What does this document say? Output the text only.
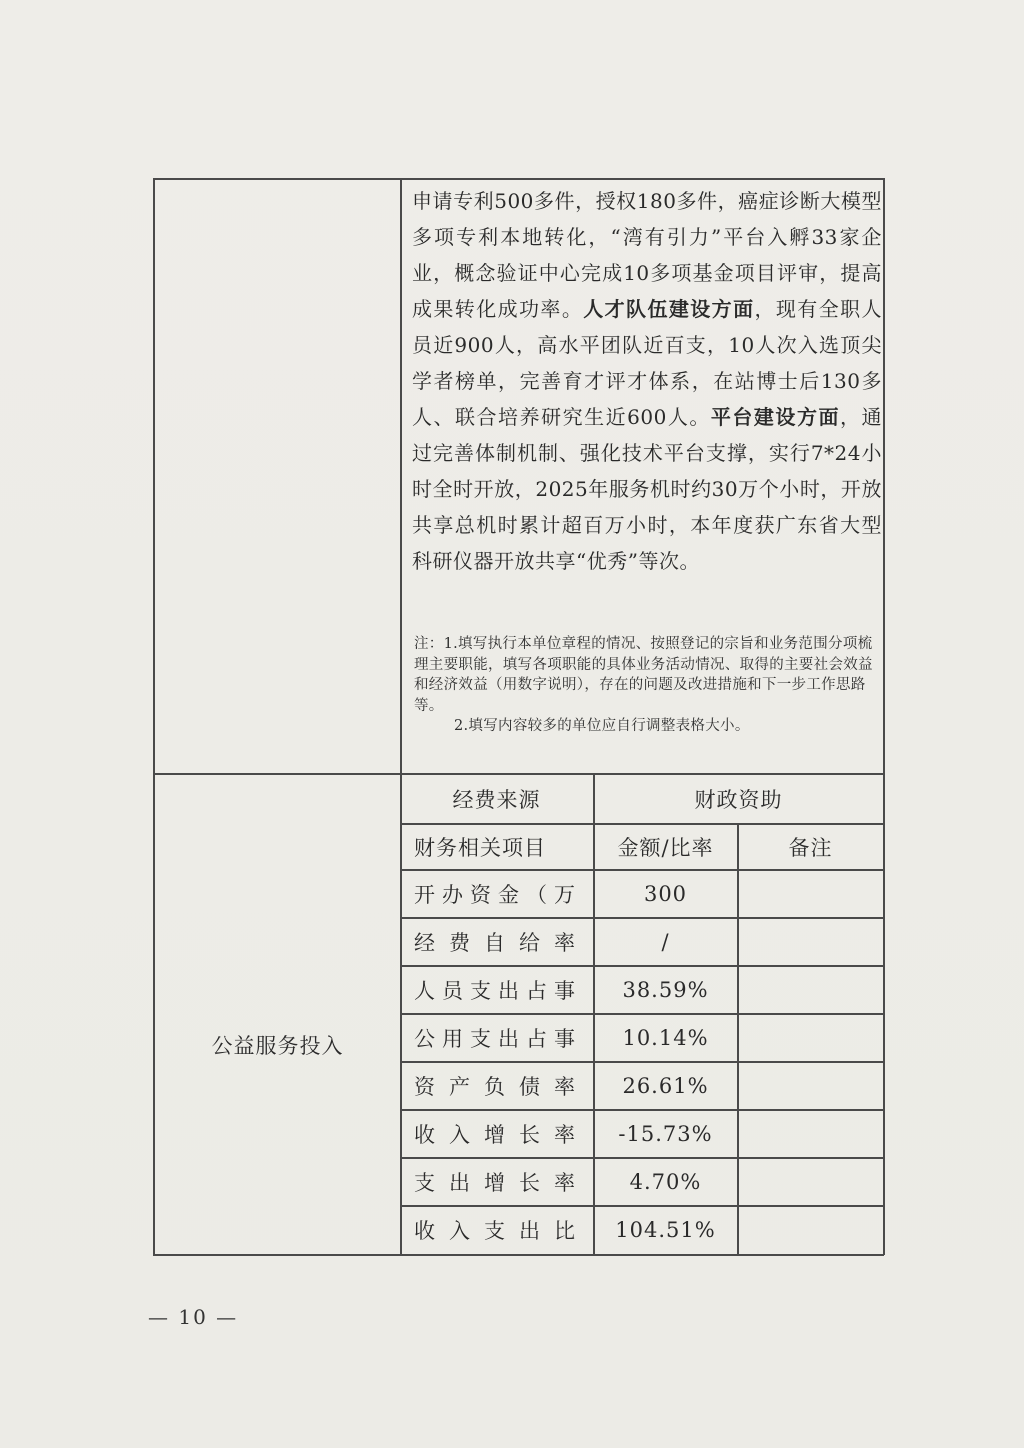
申请专利500多件，授权180多件，癌症诊断大模型多项专利本地转化，“湾有引力”平台入孵33家企业，概念验证中心完成10多项基金项目评审，提高成果转化成功率。人才队伍建设方面，现有全职人员近900人，高水平团队近百支，10人次入选顶尖学者榜单，完善育才评才体系，在站博士后130多人、联合培养研究生近600人。平台建设方面，通过完善体制机制、强化技术平台支撑，实行7*24小时全时开放，2025年服务机时约30万个小时，开放共享总机时累计超百万小时，本年度获广东省大型科研仪器开放共享“优秀”等次。

注：1.填写执行本单位章程的情况、按照登记的宗旨和业务范围分项梳理主要职能，填写各项职能的具体业务活动情况、取得的主要社会效益和经济效益（用数字说明），存在的问题及改进措施和下一步工作思路等。

2.填写内容较多的单位应自行调整表格大小。

公益服务投入
经费来源	财政资助
财务相关项目	金额/比率	备注
开办资金（万	300
经费自给率	/
人员支出占事	38.59%
公用支出占事	10.14%
资产负债率	26.61%
收入增长率	-15.73%
支出增长率	4.70%
收入支出比	104.51%
— 10 —
